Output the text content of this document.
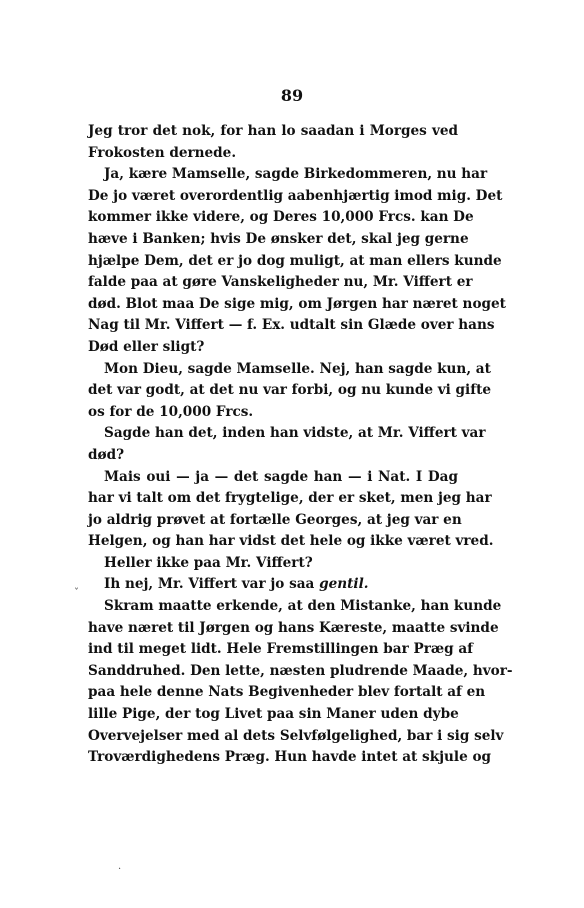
89
Jeg tror det nok, for han lo saadan i Morges ved
Frokosten dernede.
Ja, kære Mamselle, sagde Birkedommeren, nu har
De jo været overordentlig aabenhjærtig imod mig. Det
kommer ikke videre, og Deres 10,000 Frcs. kan De
hæve i Banken; hvis De ønsker det, skal jeg gerne
hjælpe Dem, det er jo dog muligt, at man ellers kunde
falde paa at gøre Vanskeligheder nu, Mr. Viffert er
død. Blot maa De sige mig, om Jørgen har næret noget
Nag til Mr. Viffert — f. Ex. udtalt sin Glæde over hans
Død eller sligt?
Mon Dieu, sagde Mamselle. Nej, han sagde kun, at
det var godt, at det nu var forbi, og nu kunde vi gifte
os for de 10,000 Frcs.
Sagde han det, inden han vidste, at Mr. Viffert var
død?
Mais oui — ja — det sagde han — i Nat. I Dag
har vi talt om det frygtelige, der er sket, men jeg har
jo aldrig prøvet at fortælle Georges, at jeg var en
Helgen, og han har vidst det hele og ikke været vred.
Heller ikke paa Mr. Viffert?
Ih nej, Mr. Viffert var jo saa gentil.
Skram maatte erkende, at den Mistanke, han kunde
have næret til Jørgen og hans Kæreste, maatte svinde
ind til meget lidt. Hele Fremstillingen bar Præg af
Sanddruhed. Den lette, næsten pludrende Maade, hvor-
paa hele denne Nats Begivenheder blev fortalt af en
lille Pige, der tog Livet paa sin Maner uden dybe
Overvejelser med al dets Selvfølgelighed, bar i sig selv
Troværdighedens Præg. Hun havde intet at skjule og
ˇ
·
